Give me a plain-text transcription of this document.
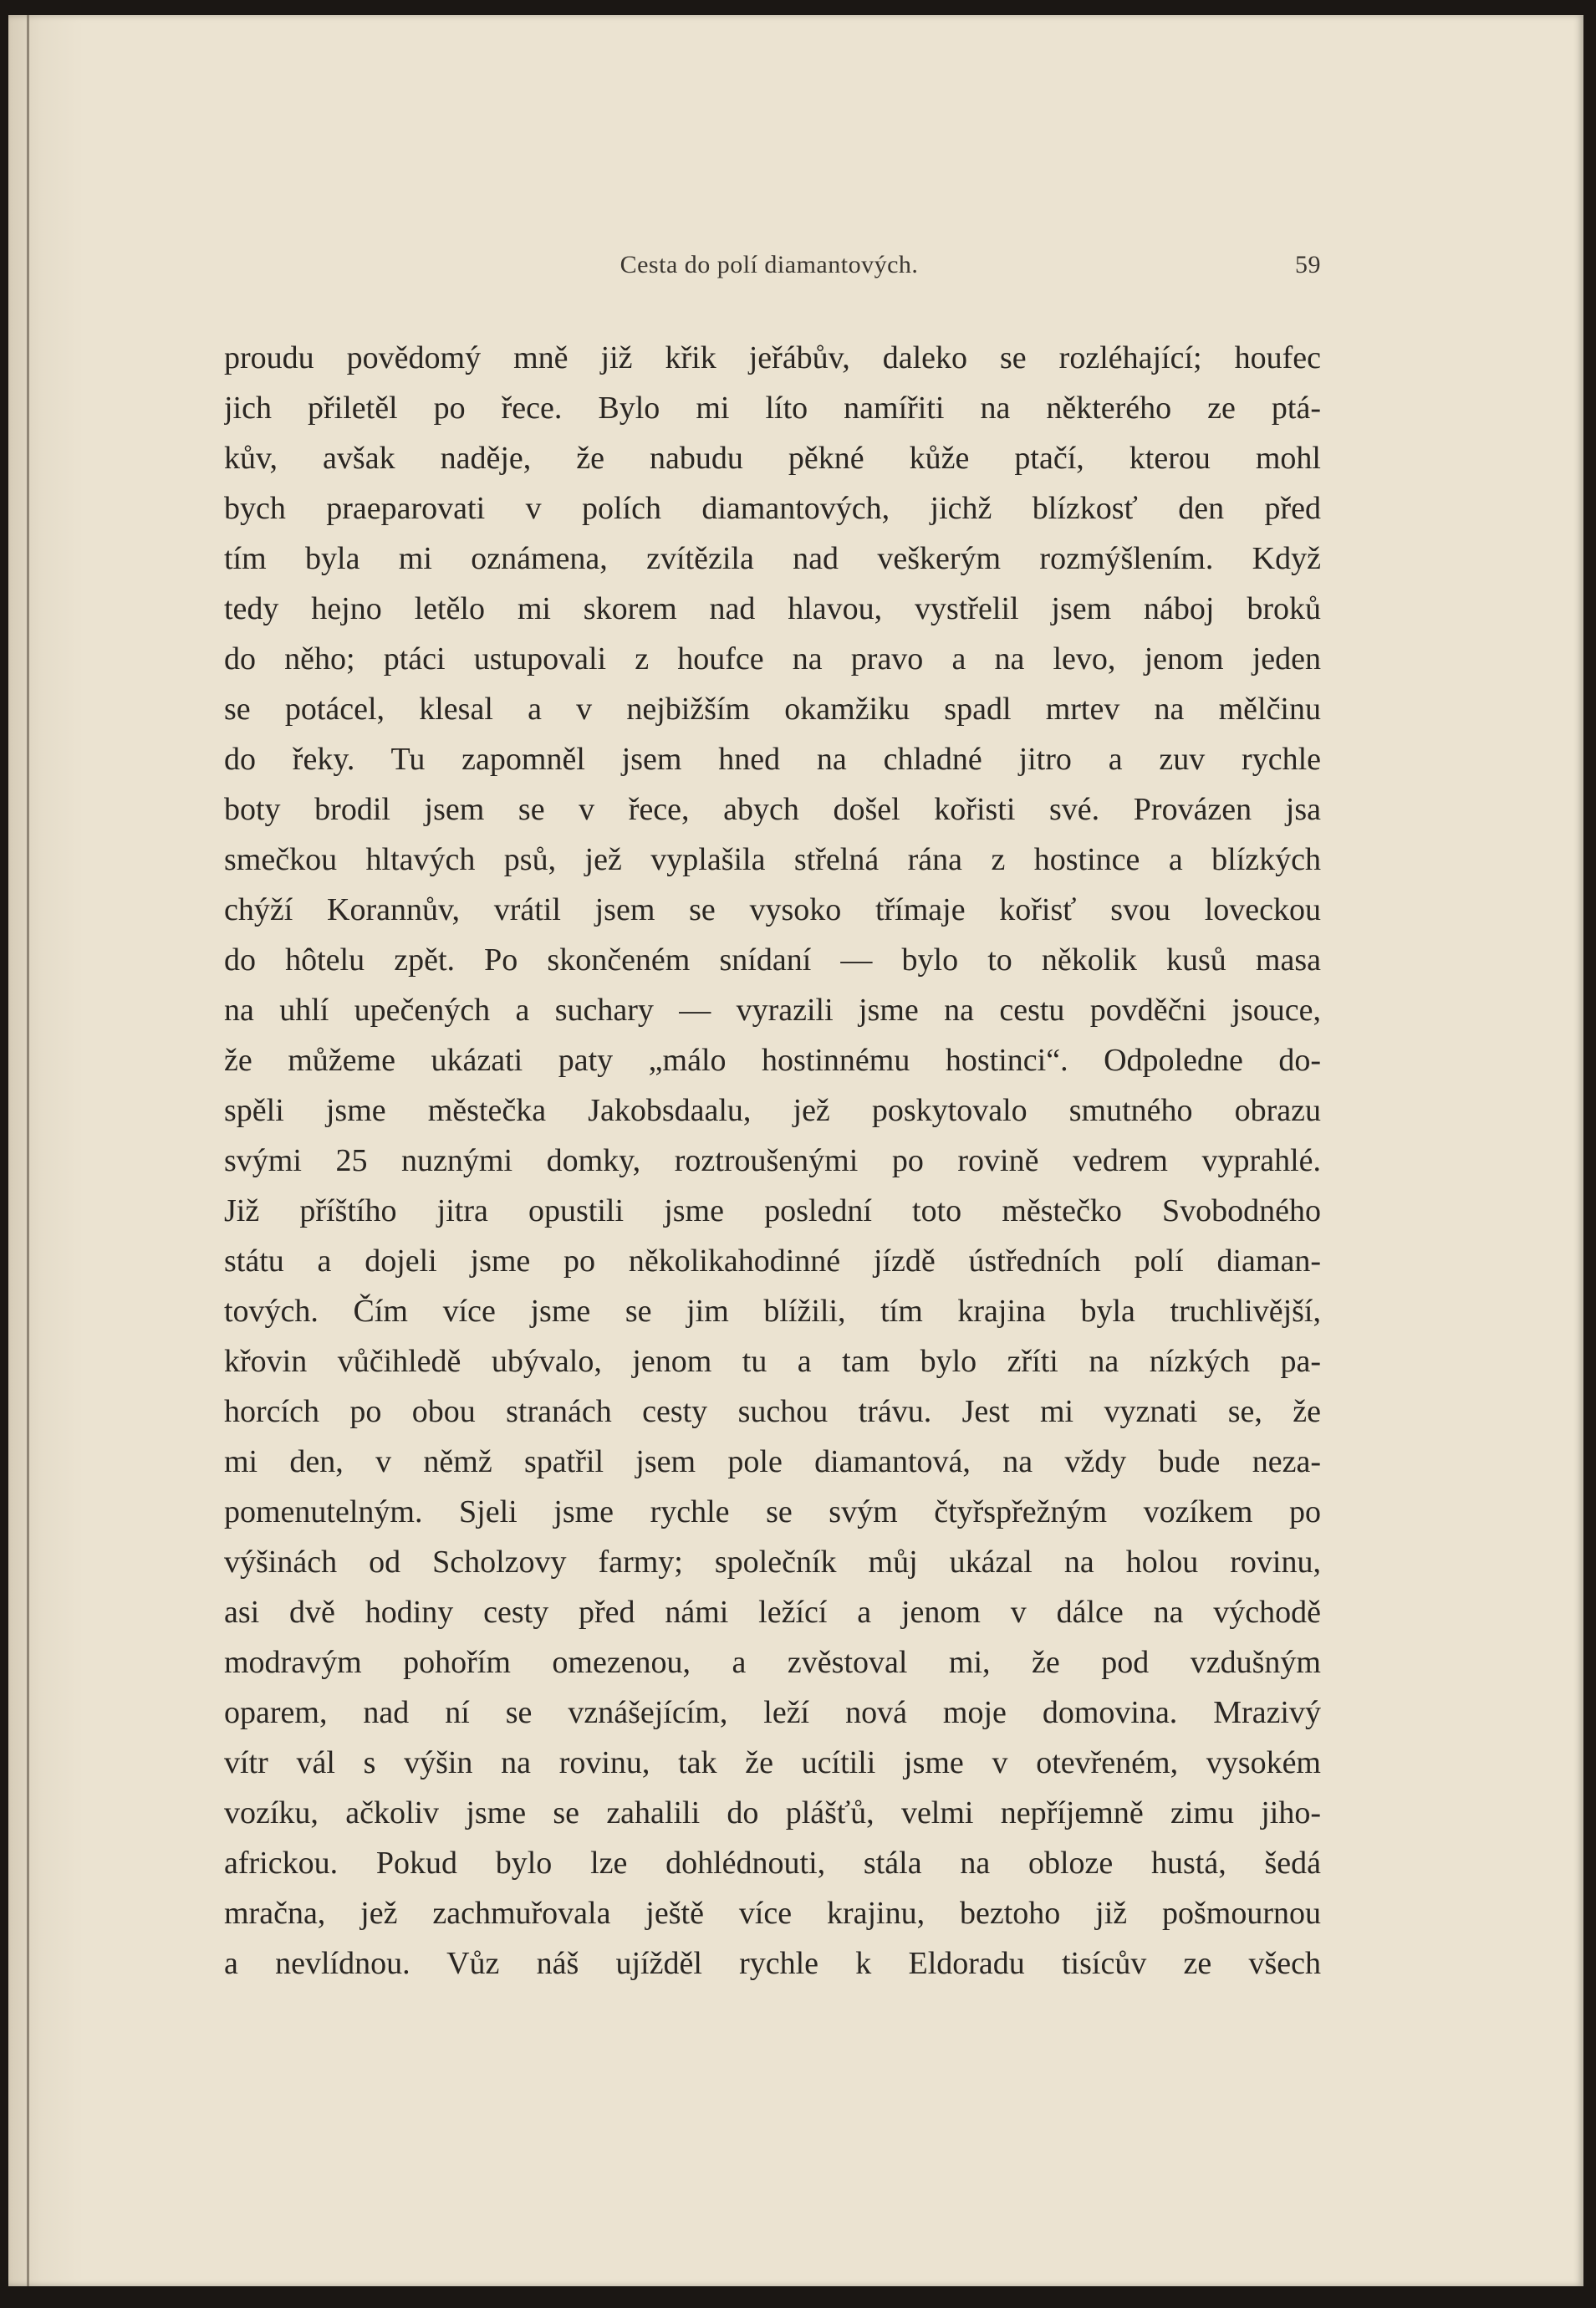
Cesta do polí diamantových.	59
proudu povědomý mně již křik jeřábův, daleko se rozléhající; houfec
jich přiletěl po řece. Bylo mi líto namířiti na některého ze ptá-
kův, avšak naděje, že nabudu pěkné kůže ptačí, kterou mohl
bych praeparovati v polích diamantových, jichž blízkosť den před
tím byla mi oznámena, zvítězila nad veškerým rozmýšlením. Když
tedy hejno letělo mi skorem nad hlavou, vystřelil jsem náboj broků
do něho; ptáci ustupovali z houfce na pravo a na levo, jenom jeden
se potácel, klesal a v nejbižším okamžiku spadl mrtev na mělčinu
do řeky. Tu zapomněl jsem hned na chladné jitro a zuv rychle
boty brodil jsem se v řece, abych došel kořisti své. Provázen jsa
smečkou hltavých psů, jež vyplašila střelná rána z hostince a blízkých
chýží Korannův, vrátil jsem se vysoko třímaje kořisť svou loveckou
do hôtelu zpět. Po skončeném snídaní — bylo to několik kusů masa
na uhlí upečených a suchary — vyrazili jsme na cestu povděčni jsouce,
že můžeme ukázati paty „málo hostinnému hostinci“. Odpoledne do-
spěli jsme městečka Jakobsdaalu, jež poskytovalo smutného obrazu
svými 25 nuznými domky, roztroušenými po rovině vedrem vyprahlé.
Již příštího jitra opustili jsme poslední toto městečko Svobodného
státu a dojeli jsme po několikahodinné jízdě ústředních polí diaman-
tových. Čím více jsme se jim blížili, tím krajina byla truchlivější,
křovin vůčihledě ubývalo, jenom tu a tam bylo zříti na nízkých pa-
horcích po obou stranách cesty suchou trávu. Jest mi vyznati se, že
mi den, v němž spatřil jsem pole diamantová, na vždy bude neza-
pomenutelným. Sjeli jsme rychle se svým čtyřspřežným vozíkem po
výšinách od Scholzovy farmy; společník můj ukázal na holou rovinu,
asi dvě hodiny cesty před námi ležící a jenom v dálce na východě
modravým pohořím omezenou, a zvěstoval mi, že pod vzdušným
oparem, nad ní se vznášejícím, leží nová moje domovina. Mrazivý
vítr vál s výšin na rovinu, tak že ucítili jsme v otevřeném, vysokém
vozíku, ačkoliv jsme se zahalili do plášťů, velmi nepříjemně zimu jiho-
africkou. Pokud bylo lze dohlédnouti, stála na obloze hustá, šedá
mračna, jež zachmuřovala ještě více krajinu, beztoho již pošmournou
a nevlídnou. Vůz náš ujížděl rychle k Eldoradu tisícův ze všech
